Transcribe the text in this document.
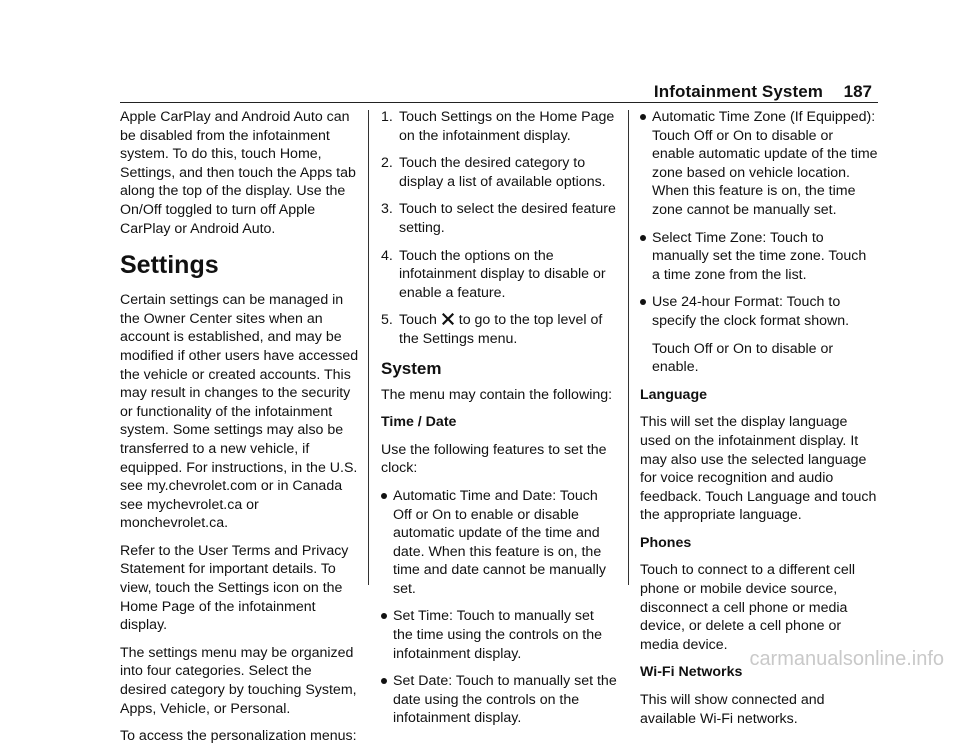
Infotainment System 187

Apple CarPlay and Android Auto can be disabled from the infotainment system. To do this, touch Home, Settings, and then touch the Apps tab along the top of the display. Use the On/Off toggled to turn off Apple CarPlay or Android Auto.

Settings

Certain settings can be managed in the Owner Center sites when an account is established, and may be modified if other users have accessed the vehicle or created accounts. This may result in changes to the security or functionality of the infotainment system. Some settings may also be transferred to a new vehicle, if equipped. For instructions, in the U.S. see my.chevrolet.com or in Canada see mychevrolet.ca or monchevrolet.ca.

Refer to the User Terms and Privacy Statement for important details. To view, touch the Settings icon on the Home Page of the infotainment display.

The settings menu may be organized into four categories. Select the desired category by touching System, Apps, Vehicle, or Personal.

To access the personalization menus:

1. Touch Settings on the Home Page on the infotainment display.
2. Touch the desired category to display a list of available options.
3. Touch to select the desired feature setting.
4. Touch the options on the infotainment display to disable or enable a feature.
5. Touch to go to the top level of the Settings menu.
System

The menu may contain the following:

Time / Date

Use the following features to set the clock:

Automatic Time and Date: Touch Off or On to enable or disable automatic update of the time and date. When this feature is on, the time and date cannot be manually set.
Set Time: Touch to manually set the time using the controls on the infotainment display.
Set Date: Touch to manually set the date using the controls on the infotainment display.
Automatic Time Zone (If Equipped): Touch Off or On to disable or enable automatic update of the time zone based on vehicle location. When this feature is on, the time zone cannot be manually set.
Select Time Zone: Touch to manually set the time zone. Touch a time zone from the list.
Use 24-hour Format: Touch to specify the clock format shown.

Touch Off or On to disable or enable.

Language

This will set the display language used on the infotainment display. It may also use the selected language for voice recognition and audio feedback. Touch Language and touch the appropriate language.

Phones

Touch to connect to a different cell phone or mobile device source, disconnect a cell phone or media device, or delete a cell phone or media device.

Wi-Fi Networks

This will show connected and available Wi-Fi networks.

carmanualsonline.info
